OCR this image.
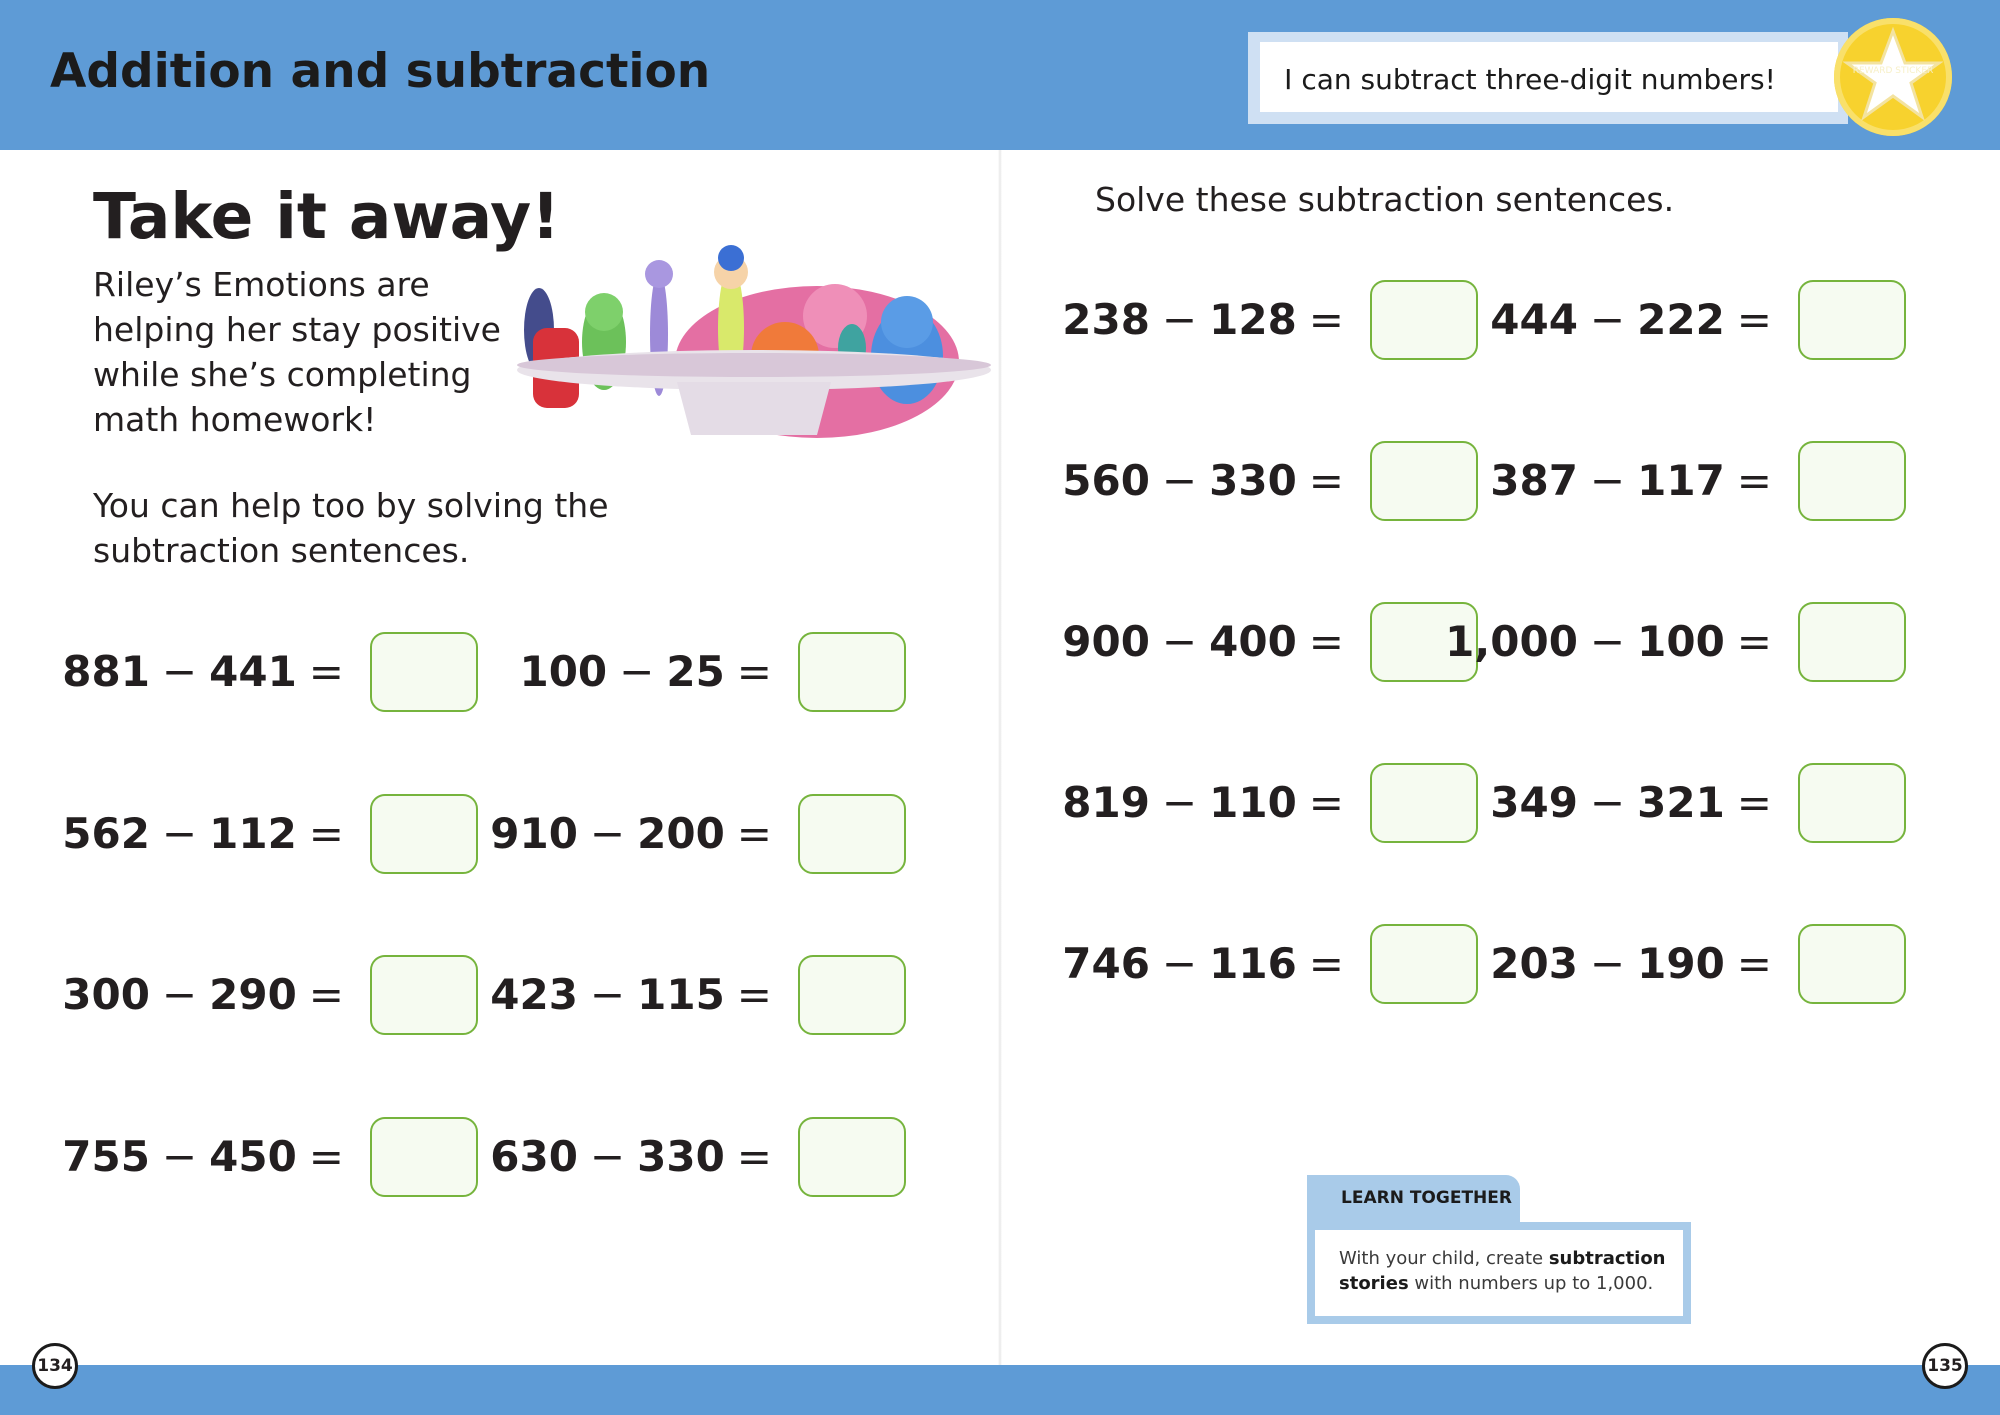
Addition and subtraction	I can subtract three-digit numbers!	REWARD STICKER
Take it away!
Riley’s Emotions are helping her stay positive while she’s completing math homework!
You can help too by solving the subtraction sentences.
881 − 441 =	100 − 25 =
562 − 112 =	910 − 200 =
300 − 290 =	423 − 115 =
755 − 450 =	630 − 330 =
Solve these subtraction sentences.
238 − 128 =	444 − 222 =
560 − 330 =	387 − 117 =
900 − 400 = 1,000 − 100 =
819 − 110 =	349 − 321 =
746 − 116 =	203 − 190 =
LEARN TOGETHER
With your child, create subtraction stories with numbers up to 1,000.
134	135
